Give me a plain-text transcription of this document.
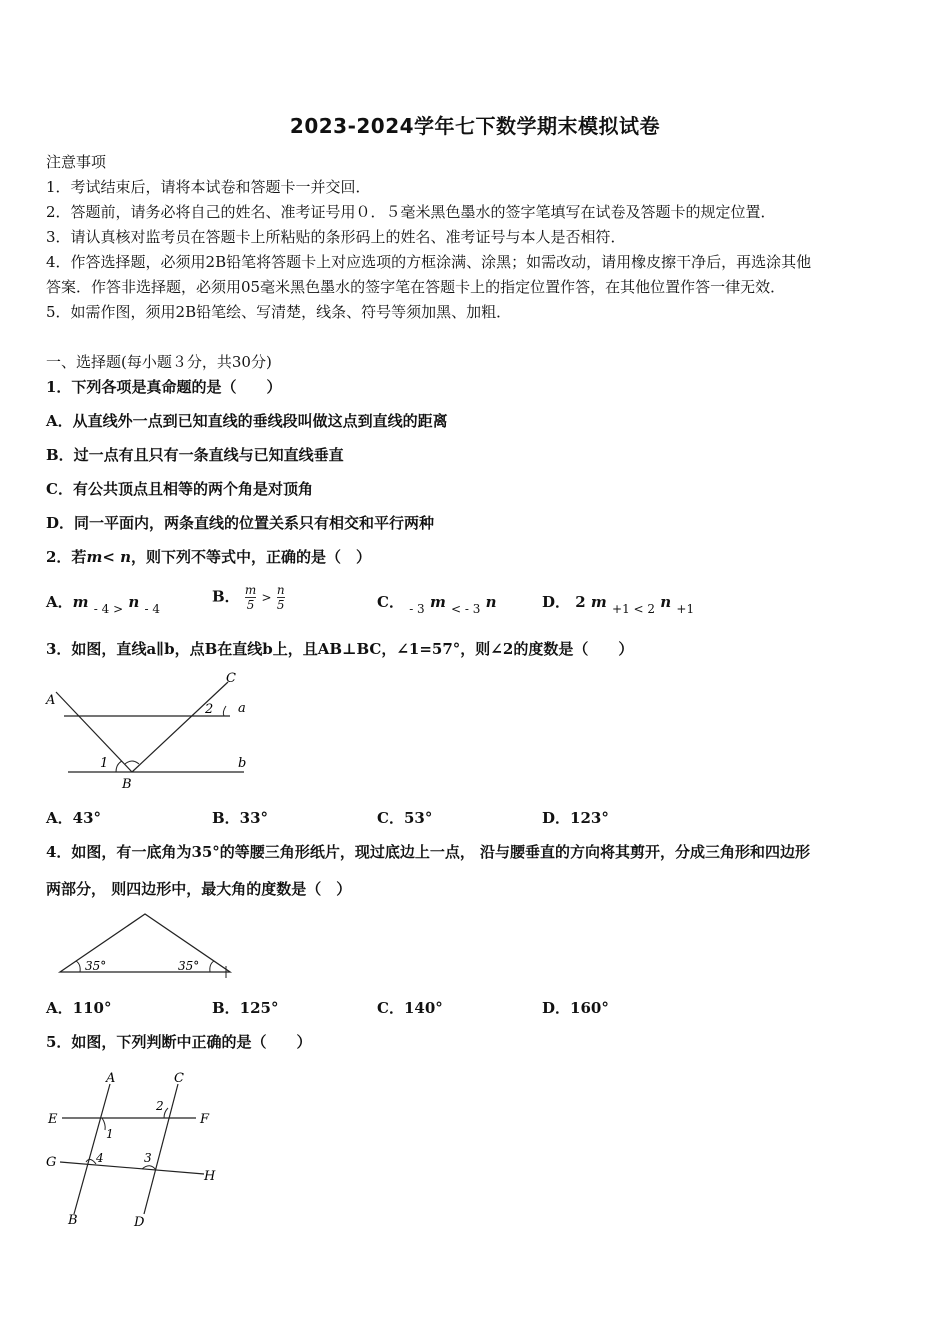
2023-2024学年七下数学期末模拟试卷
注意事项
1．考试结束后，请将本试卷和答题卡一并交回．
2．答题前，请务必将自己的姓名、准考证号用０．５毫米黑色墨水的签字笔填写在试卷及答题卡的规定位置．
3．请认真核对监考员在答题卡上所粘贴的条形码上的姓名、准考证号与本人是否相符．
4．作答选择题，必须用2B铅笔将答题卡上对应选项的方框涂满、涂黑；如需改动，请用橡皮擦干净后，再选涂其他
答案．作答非选择题，必须用05毫米黑色墨水的签字笔在答题卡上的指定位置作答，在其他位置作答一律无效．
5．如需作图，须用2B铅笔绘、写清楚，线条、符号等须加黑、加粗．
一、选择题(每小题３分，共30分)
1．下列各项是真命题的是（　　）
A．从直线外一点到已知直线的垂线段叫做这点到直线的距离
B．过一点有且只有一条直线与已知直线垂直
C．有公共顶点且相等的两个角是对顶角
D．同一平面内，两条直线的位置关系只有相交和平行两种
2．若m< n，则下列不等式中，正确的是（　）
A．m $_{- 4 >}$ n $_{- 4}$
B． $\frac{m}{5} > \frac{n}{5}$	C． $_{- 3}$ m $_{< - 3}$ n	D． 2 m $_{+1 < 2}$ n $_{+1}$
3．如图，直线a∥b，点B在直线b上，且AB⊥BC，∠1=57°，则∠2的度数是（　　）
A
C
a
b
B
1
2
A．43°	B．33°	C．53°	D．123°
4．如图，有一底角为35°的等腰三角形纸片，现过底边上一点， 沿与腰垂直的方向将其剪开，分成三角形和四边形
两部分， 则四边形中，最大角的度数是（　）
35°	35°
A．110°	B．125°	C．140°	D．160°
5．如图，下列判断中正确的是（　　）
A	C
E	F
G
H
B	D
1
2
3
4
